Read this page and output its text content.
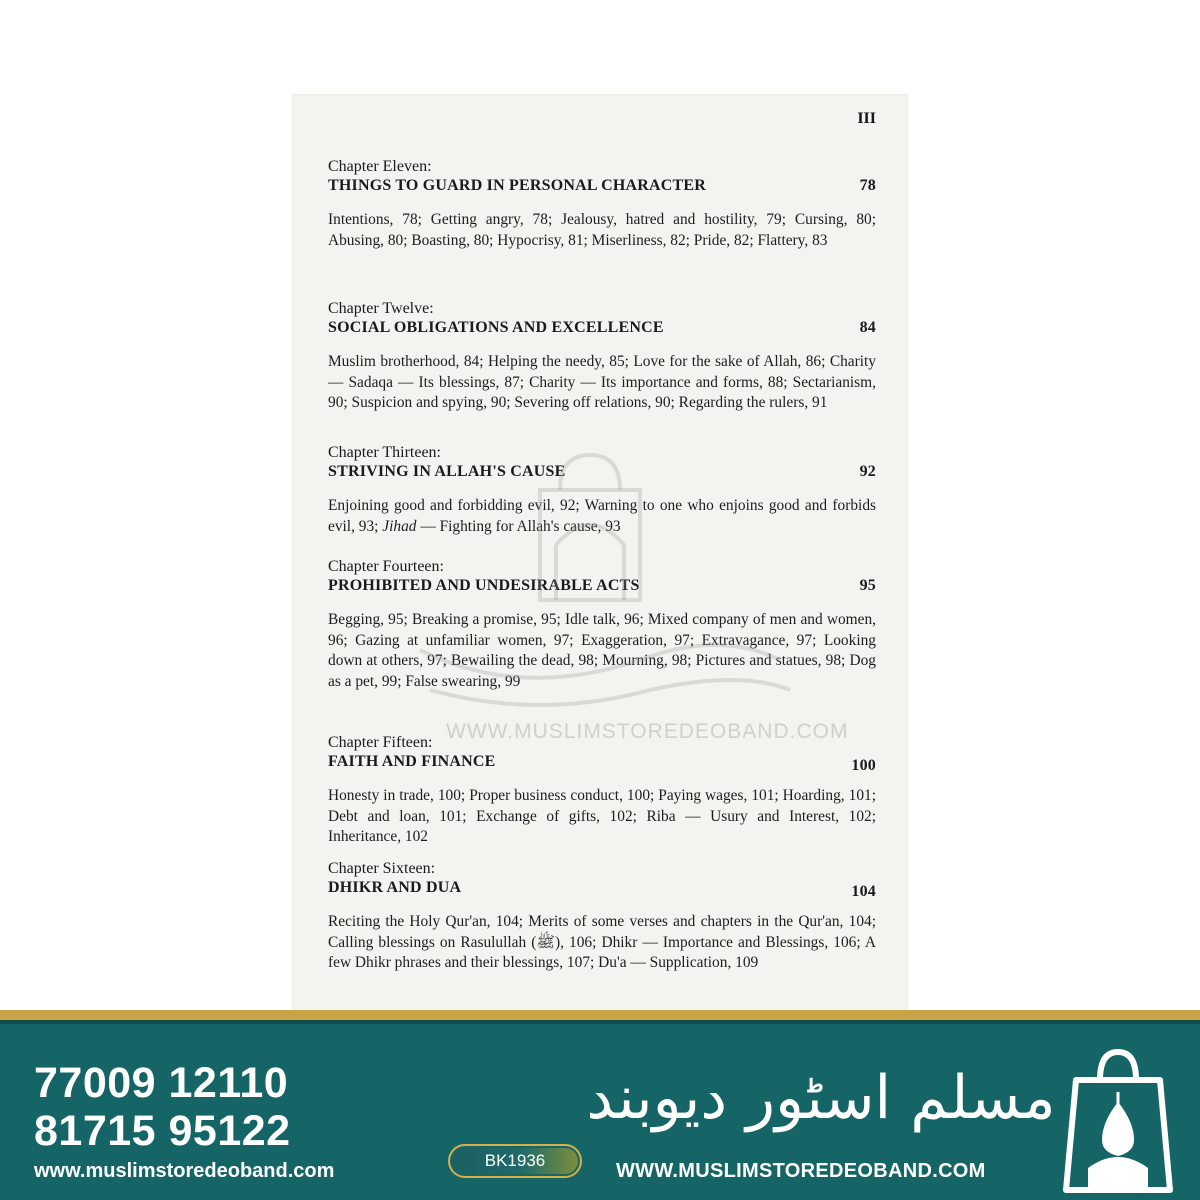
III
Chapter Eleven:
THINGS TO GUARD IN PERSONAL CHARACTER	78
Intentions, 78; Getting angry, 78; Jealousy, hatred and hostility, 79; Cursing, 80; Abusing, 80; Boasting, 80; Hypocrisy, 81; Miserliness, 82; Pride, 82; Flattery, 83
Chapter Twelve:
SOCIAL OBLIGATIONS AND EXCELLENCE	84
Muslim brotherhood, 84; Helping the needy, 85; Love for the sake of Allah, 86; Charity — Sadaqa — Its blessings, 87; Charity — Its importance and forms, 88; Sectarianism, 90; Suspicion and spying, 90; Severing off relations, 90; Regarding the rulers, 91
Chapter Thirteen:
STRIVING IN ALLAH'S CAUSE	92
Enjoining good and forbidding evil, 92; Warning to one who enjoins good and forbids evil, 93; Jihad — Fighting for Allah's cause, 93
Chapter Fourteen:
PROHIBITED AND UNDESIRABLE ACTS	95
Begging, 95; Breaking a promise, 95; Idle talk, 96; Mixed company of men and women, 96; Gazing at unfamiliar women, 97; Exaggeration, 97; Extravagance, 97; Looking down at others, 97; Bewailing the dead, 98; Mourning, 98; Pictures and statues, 98; Dog as a pet, 99; False swearing, 99
Chapter Fifteen:
FAITH AND FINANCE	100
Honesty in trade, 100; Proper business conduct, 100; Paying wages, 101; Hoarding, 101; Debt and loan, 101; Exchange of gifts, 102; Riba — Usury and Interest, 102; Inheritance, 102
Chapter Sixteen:
DHIKR AND DUA	104
Reciting the Holy Qur'an, 104; Merits of some verses and chapters in the Qur'an, 104; Calling blessings on Rasulullah (ﷺ), 106; Dhikr — Importance and Blessings, 106; A few Dhikr phrases and their blessings, 107; Du'a — Supplication, 109
WWW.MUSLIMSTOREDEOBAND.COM
77009 12110
81715 95122
www.muslimstoredeoband.com	BK1936
مسلم اسٹور دیوبند
WWW.MUSLIMSTOREDEOBAND.COM
